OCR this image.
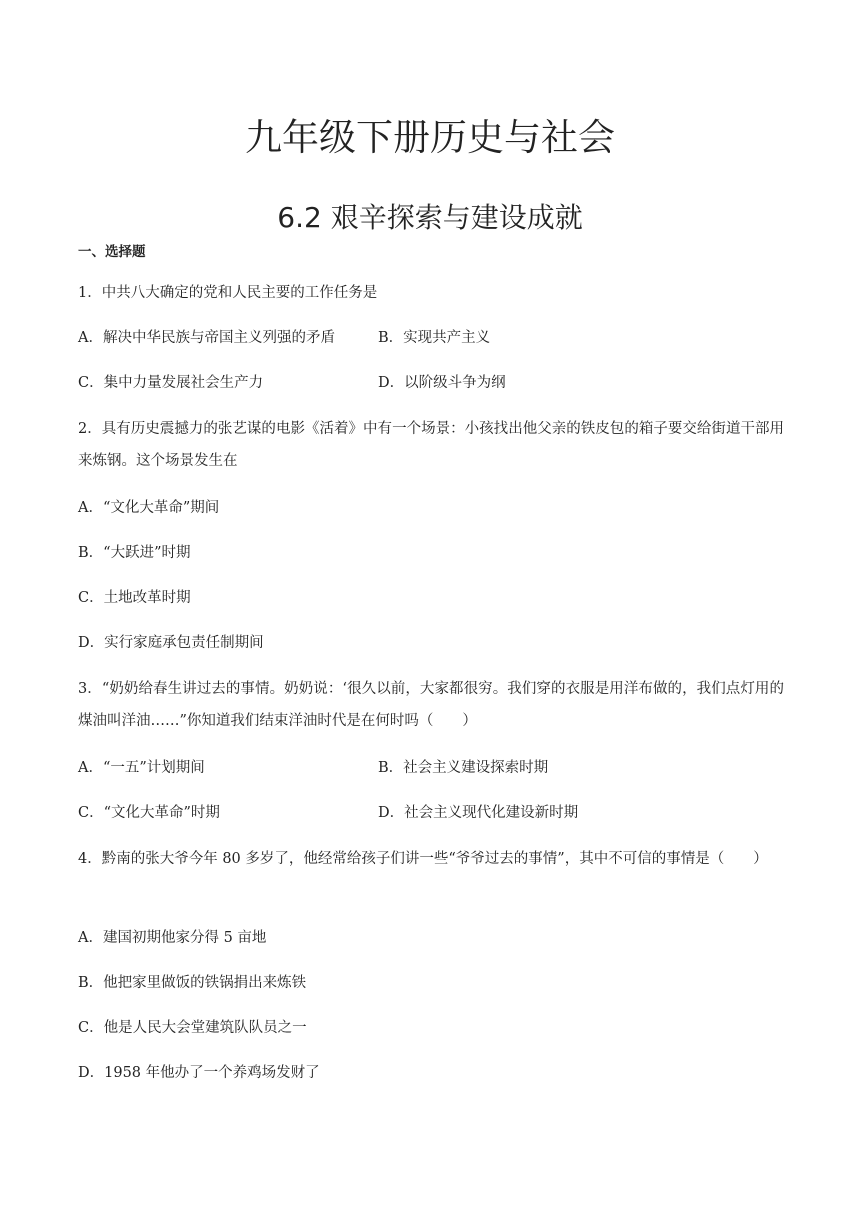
九年级下册历史与社会
6.2 艰辛探索与建设成就
一、选择题
1．中共八大确定的党和人民主要的工作任务是
A．解决中华民族与帝国主义列强的矛盾	B．实现共产主义
C．集中力量发展社会生产力	D．以阶级斗争为纲
2．具有历史震撼力的张艺谋的电影《活着》中有一个场景：小孩找出他父亲的铁皮包的箱子要交给街道干部用来炼钢。这个场景发生在
A．“文化大革命”期间
B．“大跃进”时期
C．土地改革时期
D．实行家庭承包责任制期间
3．“奶奶给春生讲过去的事情。奶奶说：‘很久以前，大家都很穷。我们穿的衣服是用洋布做的，我们点灯用的煤油叫洋油……”你知道我们结束洋油时代是在何时吗（　　）
A．“一五”计划期间	B．社会主义建设探索时期
C．“文化大革命”时期	D．社会主义现代化建设新时期
4．黔南的张大爷今年 80 多岁了，他经常给孩子们讲一些“爷爷过去的事情”，其中不可信的事情是（　　）
A．建国初期他家分得 5 亩地
B．他把家里做饭的铁锅捐出来炼铁
C．他是人民大会堂建筑队队员之一
D．1958 年他办了一个养鸡场发财了
